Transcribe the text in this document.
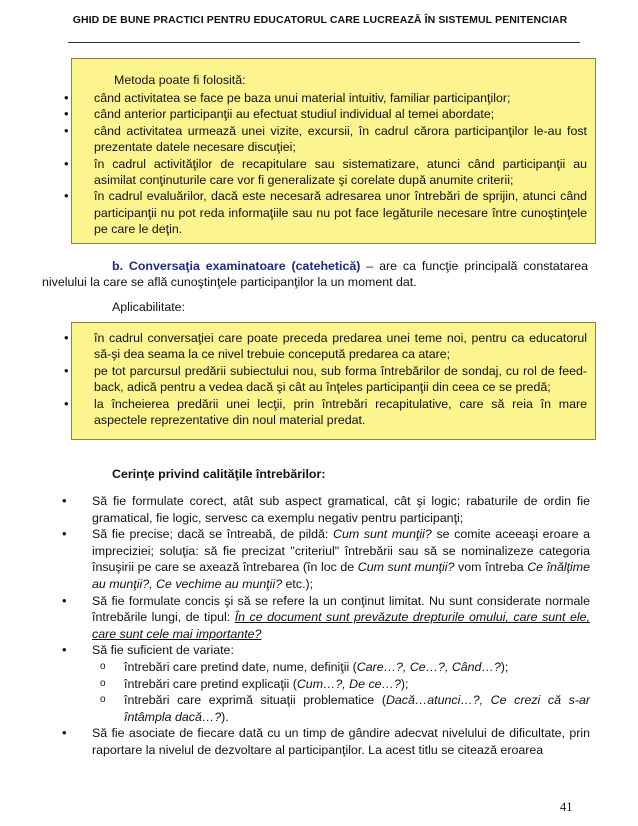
GHID DE BUNE PRACTICI PENTRU EDUCATORUL CARE LUCREAZĂ ÎN SISTEMUL PENITENCIAR
Metoda poate fi folosită:
• când activitatea se face pe baza unui material intuitiv, familiar participanţilor;
• când anterior participanţii au efectuat studiul individual al temei abordate;
• când activitatea urmează unei vizite, excursii, în cadrul cărora participanţilor le-au fost prezentate datele necesare discuţiei;
• în cadrul activităţilor de recapitulare sau sistematizare, atunci când participanţii au asimilat conţinuturile care vor fi generalizate şi corelate după anumite criterii;
• în cadrul evaluărilor, dacă este necesară adresarea unor întrebări de sprijin, atunci când participanţii nu pot reda informaţiile sau nu pot face legăturile necesare între cunoştinţele pe care le deţin.
b. Conversaţia examinatoare (catehetică) – are ca funcţie principală constatarea nivelului la care se află cunoştinţele participanţilor la un moment dat.
Aplicabilitate:
• în cadrul conversaţiei care poate preceda predarea unei teme noi, pentru ca educatorul să-şi dea seama la ce nivel trebuie concepută predarea ca atare;
• pe tot parcursul predării subiectului nou, sub forma întrebărilor de sondaj, cu rol de feed-back, adică pentru a vedea dacă şi cât au înţeles participanţii din ceea ce se predă;
• la încheierea predării unei lecţii, prin întrebări recapitulative, care să reia în mare aspectele reprezentative din noul material predat.
Cerinţe privind calităţile întrebărilor:
• Să fie formulate corect, atât sub aspect gramatical, cât şi logic; rabaturile de ordin fie gramatical, fie logic, servesc ca exemplu negativ pentru participanţi;
• Să fie precise; dacă se întreabă, de pildă: Cum sunt munţii? se comite aceeaşi eroare a impreciziei; soluţia: să fie precizat "criteriul" întrebării sau să se nominalizeze categoria însuşirii pe care se axează întrebarea (în loc de Cum sunt munţii? vom întreba Ce înălţime au munţii?, Ce vechime au munţii? etc.);
• Să fie formulate concis şi să se refere la un conţinut limitat. Nu sunt considerate normale întrebările lungi, de tipul: În ce document sunt prevăzute drepturile omului, care sunt ele, care sunt cele mai importante?
• Să fie suficient de variate:
o întrebări care pretind date, nume, definiţii (Care…?, Ce…?, Când…?);
o întrebări care pretind explicaţii (Cum…?, De ce…?);
o întrebări care exprimă situaţii problematice (Dacă…atunci…?, Ce crezi că s-ar întâmpla dacă…?).
• Să fie asociate de fiecare dată cu un timp de gândire adecvat nivelului de dificultate, prin raportare la nivelul de dezvoltare al participanţilor. La acest titlu se citează eroarea
41
